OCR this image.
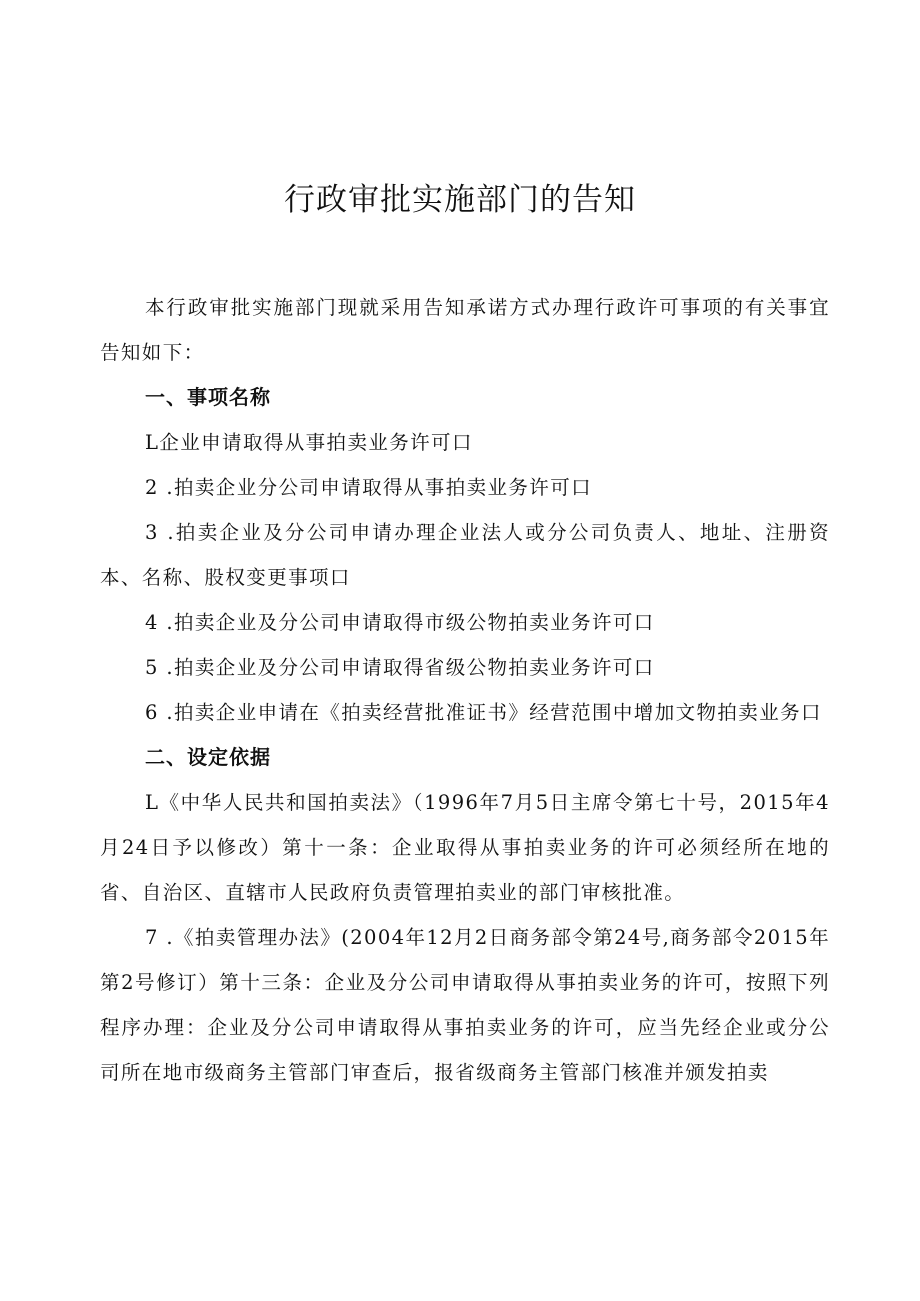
行政审批实施部门的告知

本行政审批实施部门现就采用告知承诺方式办理行政许可事项的有关事宜告知如下：

一、事项名称

L企业申请取得从事拍卖业务许可口

2 .拍卖企业分公司申请取得从事拍卖业务许可口

3 .拍卖企业及分公司申请办理企业法人或分公司负责人、地址、注册资本、名称、股权变更事项口

4 .拍卖企业及分公司申请取得市级公物拍卖业务许可口

5 .拍卖企业及分公司申请取得省级公物拍卖业务许可口

6 .拍卖企业申请在《拍卖经营批准证书》经营范围中增加文物拍卖业务口

二、设定依据

L《中华人民共和国拍卖法》（1996年7月5日主席令第七十号，2015年4月24日予以修改）第十一条：企业取得从事拍卖业务的许可必须经所在地的省、自治区、直辖市人民政府负责管理拍卖业的部门审核批准。

7 .《拍卖管理办法》(2004年12月2日商务部令第24号,商务部令2015年第2号修订）第十三条：企业及分公司申请取得从事拍卖业务的许可，按照下列程序办理：企业及分公司申请取得从事拍卖业务的许可，应当先经企业或分公司所在地市级商务主管部门审查后，报省级商务主管部门核准并颁发拍卖
